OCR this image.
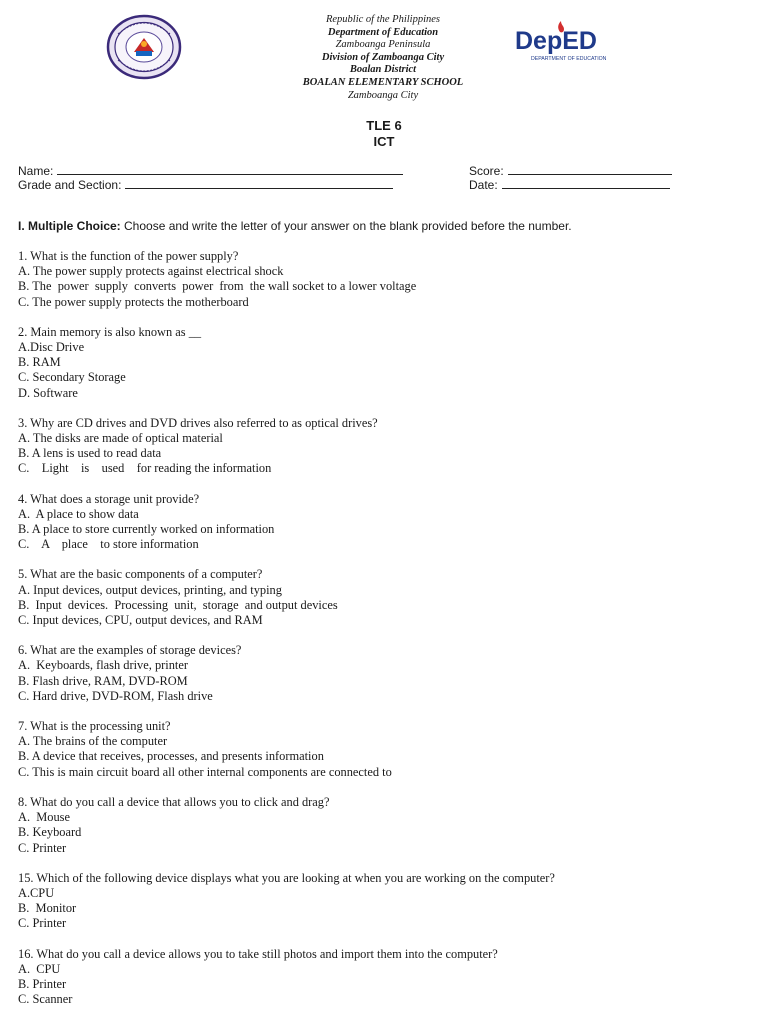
Republic of the Philippines
Department of Education
Zamboanga Peninsula
Division of Zamboanga City
Boalan District
BOALAN ELEMENTARY SCHOOL
Zamboanga City
DepED
DEPARTMENT OF EDUCATION
TLE 6
ICT
Name:	Score:
Grade and Section:	Date:
I. Multiple Choice: Choose and write the letter of your answer on the blank provided before the number.
1. What is the function of the power supply?
A. The power supply protects against electrical shock
B. The  power  supply  converts  power  from  the wall socket to a lower voltage
C. The power supply protects the motherboard
2. Main memory is also known as __
A.Disc Drive
B. RAM
C. Secondary Storage
D. Software
3. Why are CD drives and DVD drives also referred to as optical drives?
A. The disks are made of optical material
B. A lens is used to read data
C.    Light    is    used    for reading the information
4. What does a storage unit provide?
A.  A place to show data
B. A place to store currently worked on information
C.    A    place    to store information
5. What are the basic components of a computer?
A. Input devices, output devices, printing, and typing
B.  Input  devices.  Processing  unit,  storage  and output devices
C. Input devices, CPU, output devices, and RAM
6. What are the examples of storage devices?
A.  Keyboards, flash drive, printer
B. Flash drive, RAM, DVD-ROM
C. Hard drive, DVD-ROM, Flash drive
7. What is the processing unit?
A. The brains of the computer
B. A device that receives, processes, and presents information
C. This is main circuit board all other internal components are connected to
8. What do you call a device that allows you to click and drag?
A.  Mouse
B. Keyboard
C. Printer
15. Which of the following device displays what you are looking at when you are working on the computer?
A.CPU
B.  Monitor
C. Printer
16. What do you call a device allows you to take still photos and import them into the computer?
A.  CPU
B. Printer
C. Scanner
